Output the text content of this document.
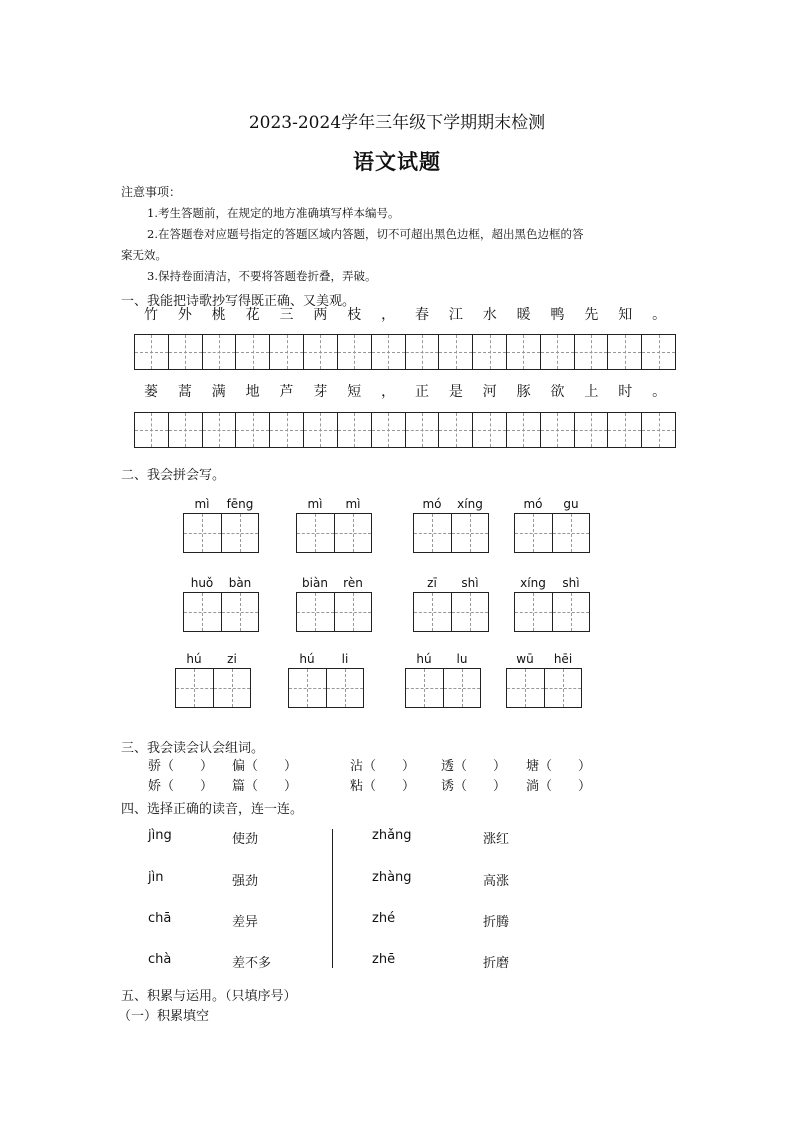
2023-2024学年三年级下学期期末检测
语文试题
注意事项：
1.考生答题前，在规定的地方准确填写样本编号。
2.在答题卷对应题号指定的答题区域内答题，切不可超出黑色边框，超出黑色边框的答
案无效。
3.保持卷面清洁，不要将答题卷折叠，弄破。
一、我能把诗歌抄写得既正确、又美观。
竹	外	桃	花	三	两	枝	，	春	江	水	暖	鸭	先	知	。
蒌	蒿	满	地	芦	芽	短	，	正	是	河	豚	欲	上	时	。
二、我会拼会写。
mì	fēng	mì	mì	mó	xíng	mó	gu
huǒ	bàn	biàn	rèn	zī	shì	xíng	shì
hú	zi	hú	li	hú	lu	wū	hēi
三、我会读会认会组词。
骄（　　） 偏（　　）	沾（　　） 透（　　） 塘（　　）
娇（　　） 篇（　　）	粘（　　） 诱（　　） 淌（　　）
四、选择正确的读音，连一连。
jìng	使劲
jìn	强劲
chā	差异
chà	差不多
zhǎng	涨红
zhàng	高涨
zhé	折腾
zhē	折磨
五、积累与运用。（只填序号）
（一）积累填空
